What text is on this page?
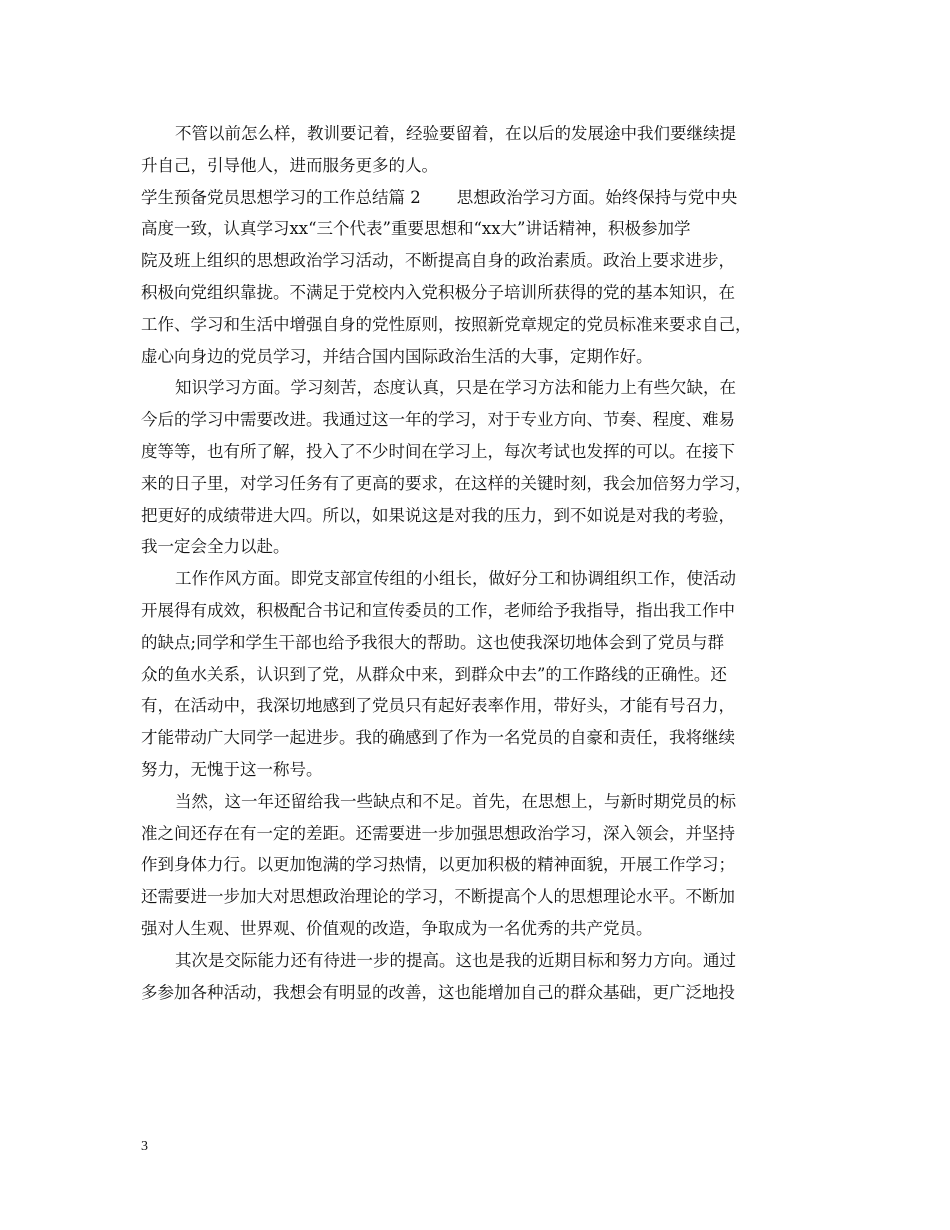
不管以前怎么样，教训要记着，经验要留着，在以后的发展途中我们要继续提
升自己，引导他人，进而服务更多的人。
学生预备党员思想学习的工作总结篇 2 思想政治学习方面。始终保持与党中央
高度一致，认真学习xx“三个代表”重要思想和“xx大”讲话精神，积极参加学
院及班上组织的思想政治学习活动，不断提高自身的政治素质。政治上要求进步，
积极向党组织靠拢。不满足于党校内入党积极分子培训所获得的党的基本知识，在
工作、学习和生活中增强自身的党性原则，按照新党章规定的党员标准来要求自己，
虚心向身边的党员学习，并结合国内国际政治生活的大事，定期作好。
知识学习方面。学习刻苦，态度认真，只是在学习方法和能力上有些欠缺，在
今后的学习中需要改进。我通过这一年的学习，对于专业方向、节奏、程度、难易
度等等，也有所了解，投入了不少时间在学习上，每次考试也发挥的可以。在接下
来的日子里，对学习任务有了更高的要求，在这样的关键时刻，我会加倍努力学习，
把更好的成绩带进大四。所以，如果说这是对我的压力，到不如说是对我的考验，
我一定会全力以赴。
工作作风方面。即党支部宣传组的小组长，做好分工和协调组织工作，使活动
开展得有成效，积极配合书记和宣传委员的工作，老师给予我指导，指出我工作中
的缺点;同学和学生干部也给予我很大的帮助。这也使我深切地体会到了党员与群
众的鱼水关系，认识到了党，从群众中来，到群众中去”的工作路线的正确性。还
有，在活动中，我深切地感到了党员只有起好表率作用，带好头，才能有号召力，
才能带动广大同学一起进步。我的确感到了作为一名党员的自豪和责任，我将继续
努力，无愧于这一称号。
当然，这一年还留给我一些缺点和不足。首先，在思想上，与新时期党员的标
准之间还存在有一定的差距。还需要进一步加强思想政治学习，深入领会，并坚持
作到身体力行。以更加饱满的学习热情，以更加积极的精神面貌，开展工作学习；
还需要进一步加大对思想政治理论的学习，不断提高个人的思想理论水平。不断加
强对人生观、世界观、价值观的改造，争取成为一名优秀的共产党员。
其次是交际能力还有待进一步的提高。这也是我的近期目标和努力方向。通过
多参加各种活动，我想会有明显的改善，这也能增加自己的群众基础，更广泛地投
3
